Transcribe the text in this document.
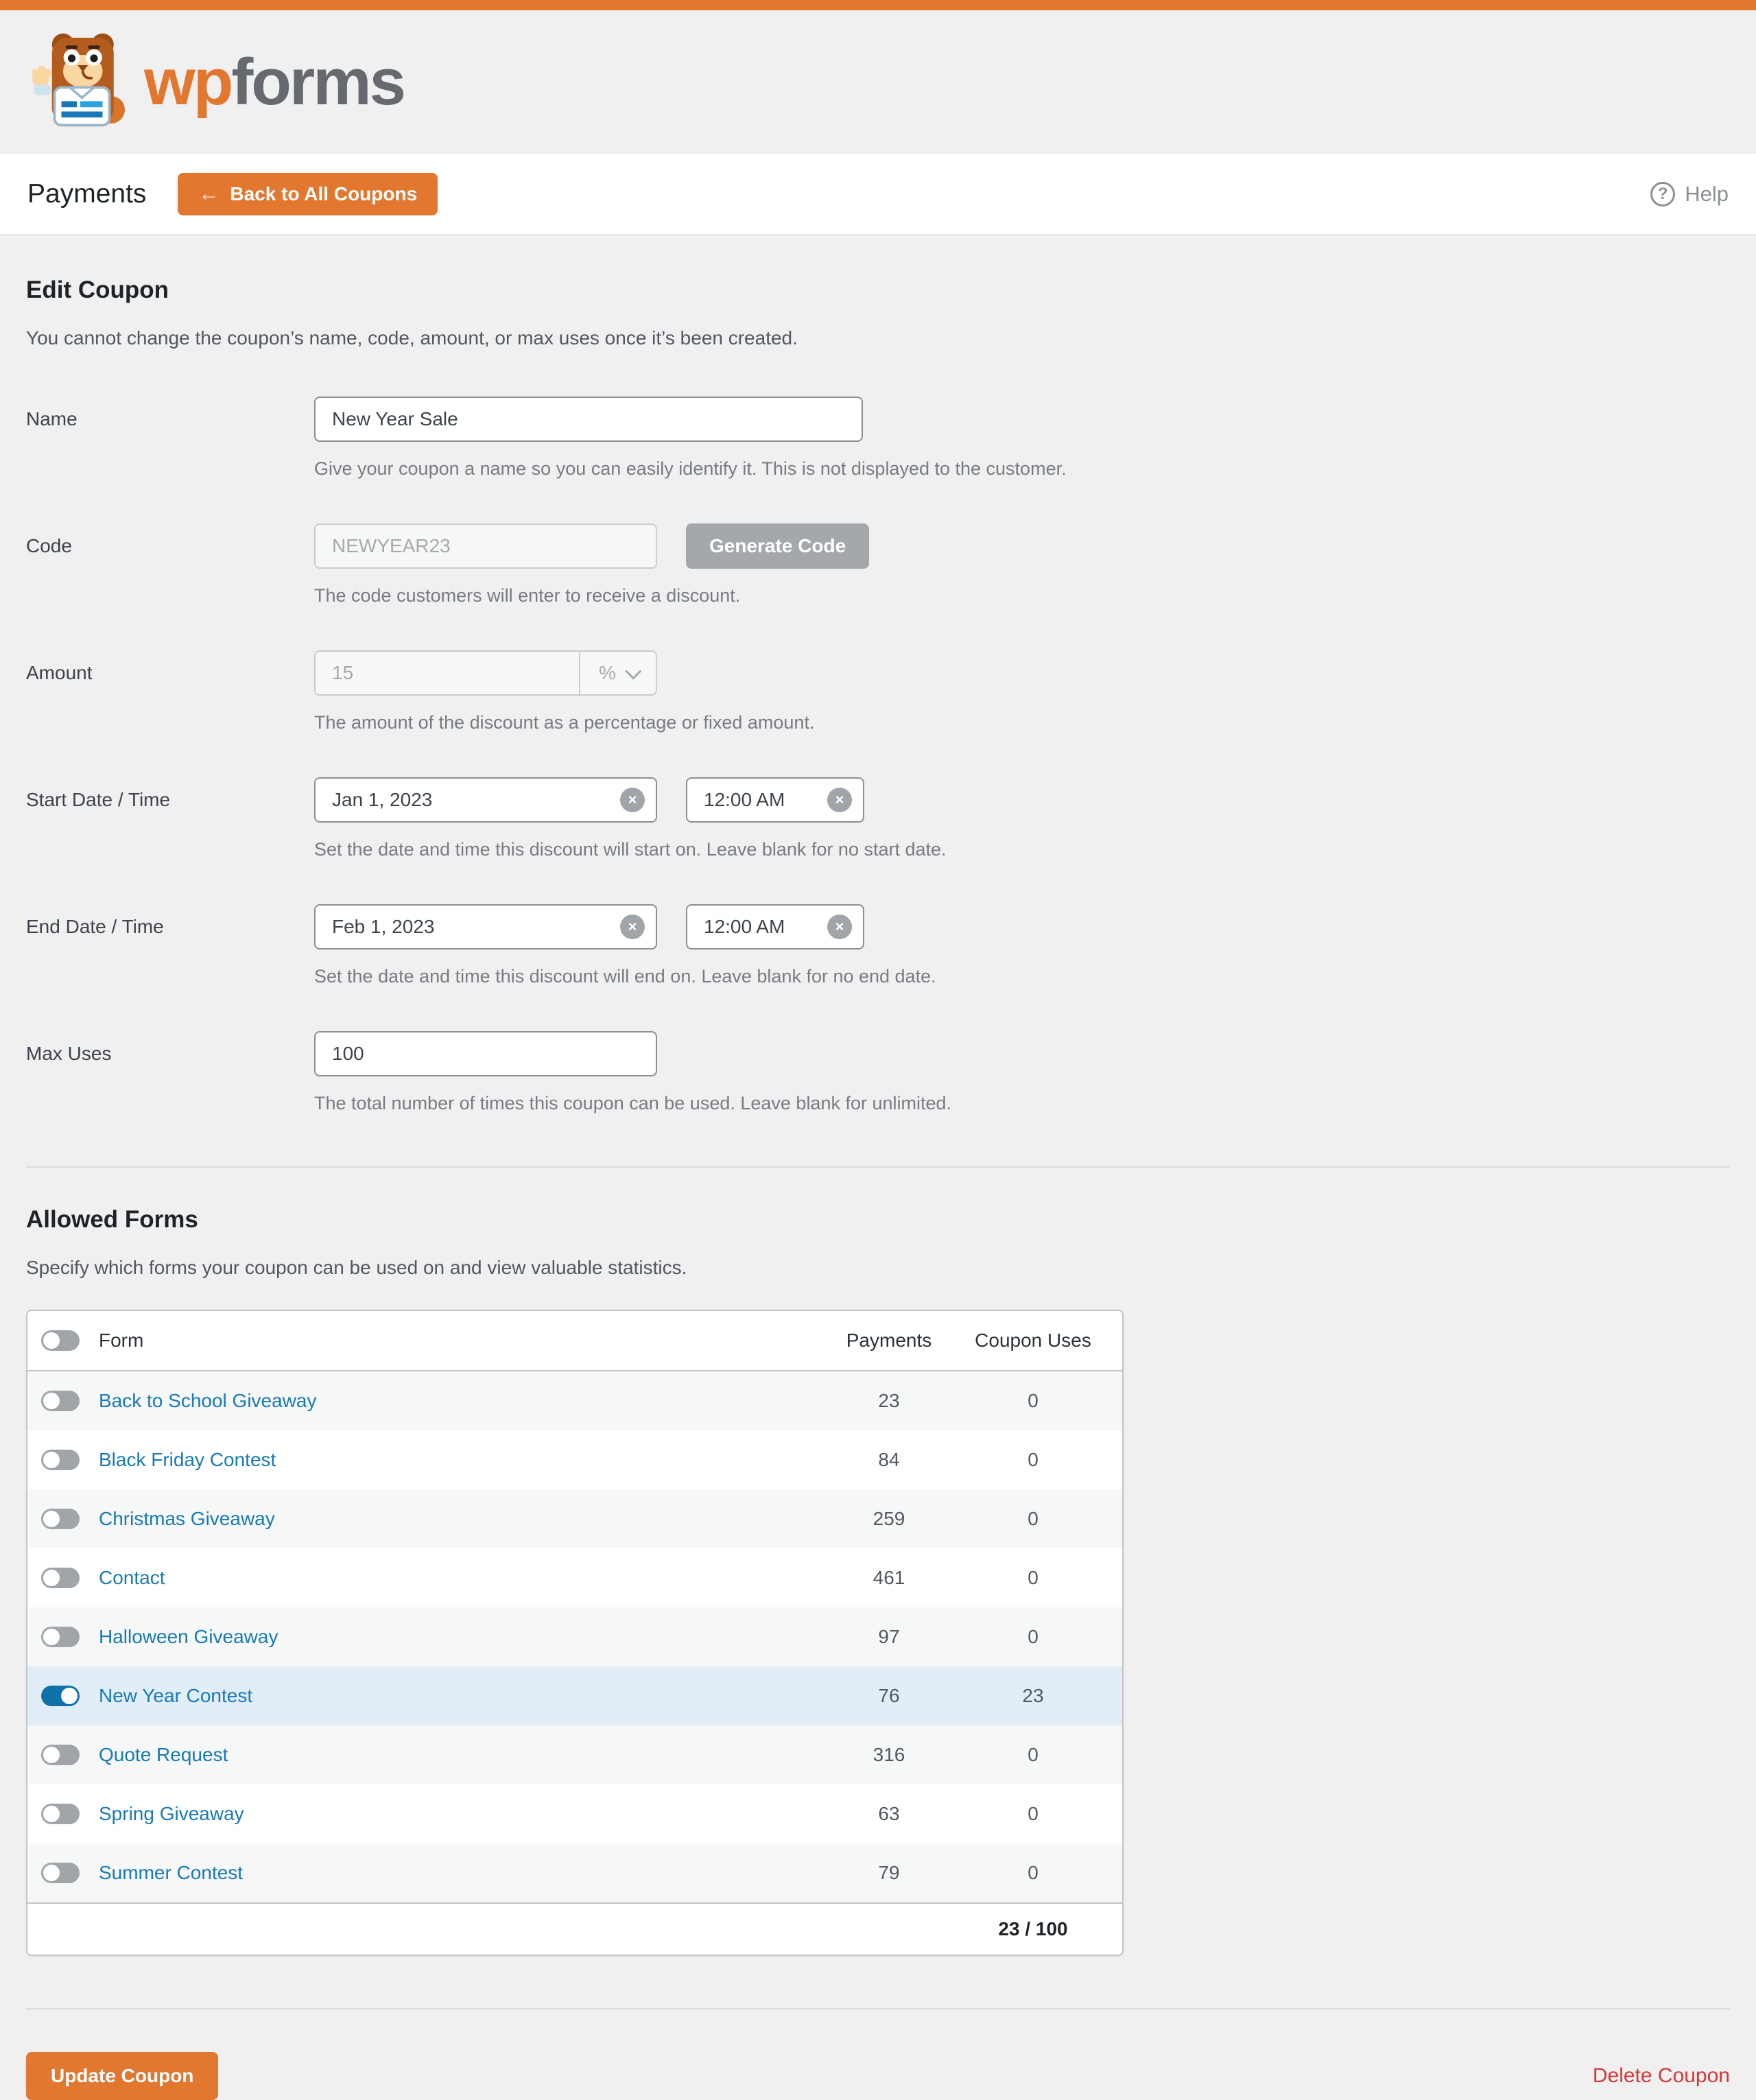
wpforms
Payments	← Back to All Coupons	? Help
Edit Coupon
You cannot change the coupon’s name, code, amount, or max uses once it’s been created.
Name	New Year Sale
Give your coupon a name so you can easily identify it. This is not displayed to the customer.
Code	NEWYEAR23	Generate Code
The code customers will enter to receive a discount.
Amount	15	%
The amount of the discount as a percentage or fixed amount.
Start Date / Time	Jan 1, 2023	×	12:00 AM	×
Set the date and time this discount will start on. Leave blank for no start date.
End Date / Time	Feb 1, 2023	×	12:00 AM	×
Set the date and time this discount will end on. Leave blank for no end date.
Max Uses	100
The total number of times this coupon can be used. Leave blank for unlimited.
Allowed Forms
Specify which forms your coupon can be used on and view valuable statistics.
Form	Payments	Coupon Uses
Back to School Giveaway	23	0
Black Friday Contest	84	0
Christmas Giveaway	259	0
Contact	461	0
Halloween Giveaway	97	0
New Year Contest	76	23
Quote Request	316	0
Spring Giveaway	63	0
Summer Contest	79	0
23 / 100
Update Coupon	Delete Coupon
